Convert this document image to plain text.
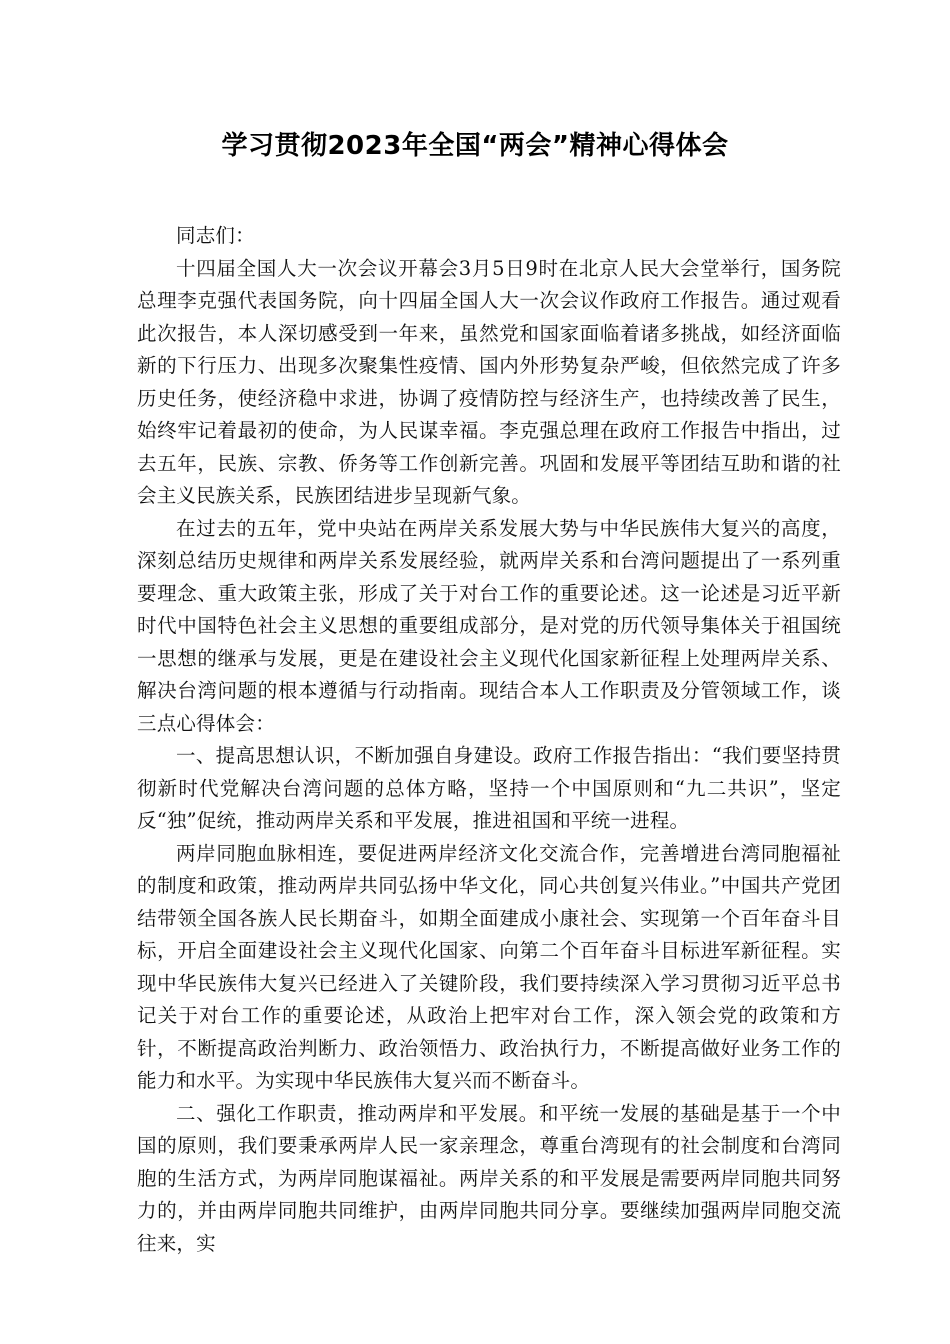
学习贯彻2023年全国“两会”精神心得体会

同志们：

十四届全国人大一次会议开幕会3月5日9时在北京人民大会堂举行，国务院总理李克强代表国务院，向十四届全国人大一次会议作政府工作报告。通过观看此次报告，本人深切感受到一年来，虽然党和国家面临着诸多挑战，如经济面临新的下行压力、出现多次聚集性疫情、国内外形势复杂严峻，但依然完成了许多历史任务，使经济稳中求进，协调了疫情防控与经济生产，也持续改善了民生，始终牢记着最初的使命，为人民谋幸福。李克强总理在政府工作报告中指出，过去五年，民族、宗教、侨务等工作创新完善。巩固和发展平等团结互助和谐的社会主义民族关系，民族团结进步呈现新气象。

在过去的五年，党中央站在两岸关系发展大势与中华民族伟大复兴的高度，深刻总结历史规律和两岸关系发展经验，就两岸关系和台湾问题提出了一系列重要理念、重大政策主张，形成了关于对台工作的重要论述。这一论述是习近平新时代中国特色社会主义思想的重要组成部分，是对党的历代领导集体关于祖国统一思想的继承与发展，更是在建设社会主义现代化国家新征程上处理两岸关系、解决台湾问题的根本遵循与行动指南。现结合本人工作职责及分管领域工作，谈三点心得体会：

一、提高思想认识，不断加强自身建设。政府工作报告指出：“我们要坚持贯彻新时代党解决台湾问题的总体方略，坚持一个中国原则和“九二共识”，坚定反“独”促统，推动两岸关系和平发展，推进祖国和平统一进程。

两岸同胞血脉相连，要促进两岸经济文化交流合作，完善增进台湾同胞福祉的制度和政策，推动两岸共同弘扬中华文化，同心共创复兴伟业。”中国共产党团结带领全国各族人民长期奋斗，如期全面建成小康社会、实现第一个百年奋斗目标，开启全面建设社会主义现代化国家、向第二个百年奋斗目标进军新征程。实现中华民族伟大复兴已经进入了关键阶段，我们要持续深入学习贯彻习近平总书记关于对台工作的重要论述，从政治上把牢对台工作，深入领会党的政策和方针，不断提高政治判断力、政治领悟力、政治执行力，不断提高做好业务工作的能力和水平。为实现中华民族伟大复兴而不断奋斗。

二、强化工作职责，推动两岸和平发展。和平统一发展的基础是基于一个中国的原则，我们要秉承两岸人民一家亲理念，尊重台湾现有的社会制度和台湾同胞的生活方式，为两岸同胞谋福祉。两岸关系的和平发展是需要两岸同胞共同努力的，并由两岸同胞共同维护，由两岸同胞共同分享。要继续加强两岸同胞交流往来，实
